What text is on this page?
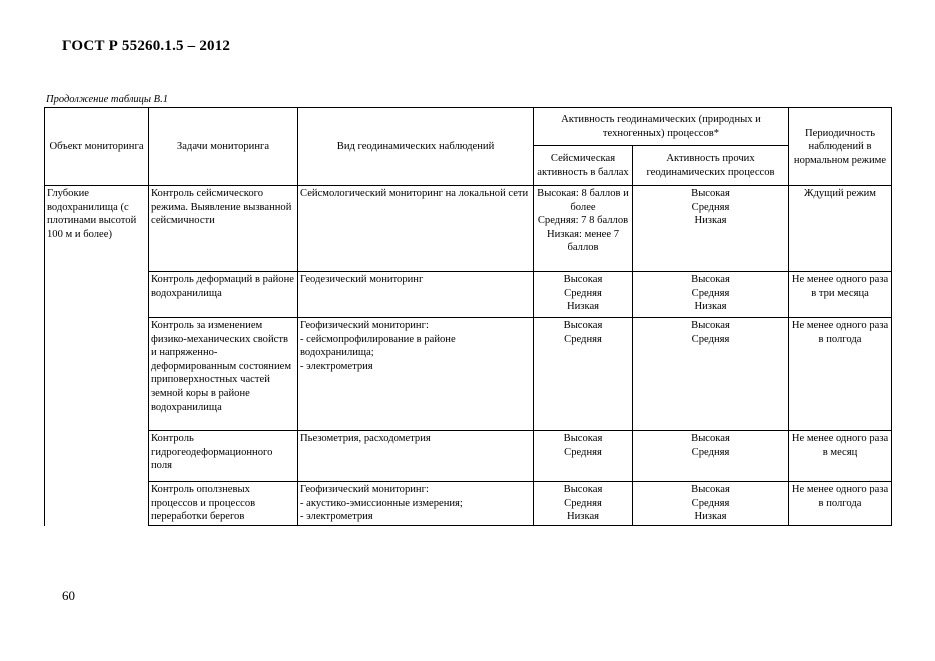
ГОСТ Р 55260.1.5 – 2012
Продолжение таблицы В.1
Объект мониторинга	Задачи мониторинга	Вид геодинамических наблюдений	Активность геодинамических (природных и техногенных) процессов*		Периодичность наблюдений в нормальном режиме
			Сейсмическая активность в баллах	Активность прочих геодинамических процессов	
Глубокие водохранилища (с плотинами высотой 100 м и более)	Контроль сейсмического режима. Выявление вызванной сейсмичности	Сейсмологический мониторинг на локальной сети	Высокая: 8 баллов и более
Средняя: 7 8 баллов
Низкая: менее 7 баллов	Высокая
Средняя
Низкая	Ждущий режим
	Контроль деформаций в районе водохранилища	Геодезический мониторинг	Высокая
Средняя
Низкая	Высокая
Средняя
Низкая	Не менее одного раза в три месяца
	Контроль за изменением физико-механических свойств и напряженно-деформированным состоянием приповерхностных частей земной коры в районе водохранилища	Геофизический мониторинг:
- сейсмопрофилирование в районе водохранилища;
- электрометрия	Высокая
Средняя	Высокая
Средняя	Не менее одного раза в полгода
	Контроль гидрогеодеформационного поля	Пьезометрия, расходометрия	Высокая
Средняя	Высокая
Средняя	Не менее одного раза в месяц
	Контроль оползневых процессов и процессов переработки берегов	Геофизический мониторинг:
- акустико-эмиссионные измерения;
- электрометрия	Высокая
Средняя
Низкая	Высокая
Средняя
Низкая	Не менее одного раза в полгода
60
